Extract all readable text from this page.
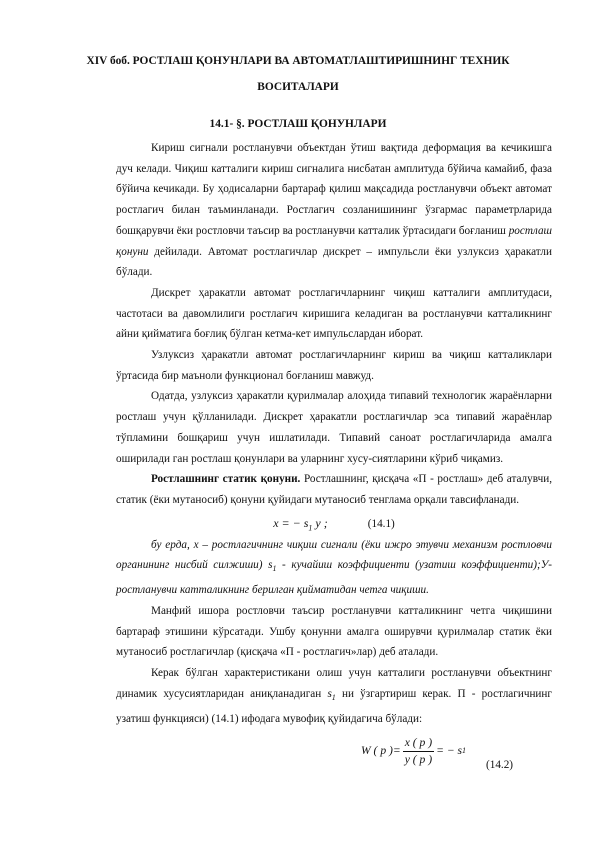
XIV боб. РОСТЛАШ ҚОНУНЛАРИ ВА АВТОМАТЛАШТИРИШНИНГ ТЕХНИК
ВОСИТАЛАРИ
14.1- §. РОСТЛАШ ҚОНУНЛАРИ

Кириш сигнали ростланувчи объектдан ўтиш вақтида деформация ва кечикишга дуч келади. Чиқиш катталиги кириш сигналига нисбатан амплитуда бўйича камайиб, фаза бўйича кечикади. Бу ҳодисаларни бартараф қилиш мақсадида ростланувчи объект автомат ростлагич билан таъминланади. Ростлагич созланишининг ўзгармас параметрларида бошқарувчи ёки ростловчи таъсир ва ростланувчи катталик ўртасидаги боғланиш ростлаш қонуни дейилади. Автомат ростлагичлар дискрет – импульсли ёки узлуксиз ҳаракатли бўлади.

Дискрет ҳаракатли автомат ростлагичларнинг чиқиш катталиги амплитудаси, частотаси ва давомлилиги ростлагич киришига келадиган ва ростланувчи катталикнинг айни қийматига боғлиқ бўлган кетма-кет импульслардан иборат.

Узлуксиз ҳаракатли автомат ростлагичларнинг кириш ва чиқиш катталиклари ўртасида бир маъноли функционал боғланиш мавжуд.

Одатда, узлуксиз ҳаракатли қурилмалар алоҳида типавий технологик жараёнларни ростлаш учун қўлланилади. Дискрет ҳаракатли ростлагичлар эса типавий жараёнлар тўпламини бошқариш учун ишлатилади. Типавий саноат ростлагичларида амалга оширилади ган ростлаш қонунлари ва уларнинг хусу-сиятларини кўриб чиқамиз.

Ростлашнинг статик қонуни. Ростлашнинг, қисқача «П - ростлаш» деб аталувчи, статик (ёки мутаносиб) қонуни қуйидаги мутаносиб тенглама орқали тавсифланади.

x = − $s_1$ y ;	(14.1)

бу ерда, x – ростлагичнинг чиқиш сигнали (ёки ижро этувчи механизм ростловчи органининг нисбий силжиши) $s_1$ - кучайиш коэффициенти (узатиш коэффициенти);У- ростланувчи катталикнинг берилган қийматидан четга чиқиши.

Манфий ишора ростловчи таъсир ростланувчи катталикнинг четга чиқишини бартараф этишини кўрсатади. Ушбу қонунни амалга оширувчи қурилмалар статик ёки мутаносиб ростлагичлар (қисқача «П - ростлагич»лар) деб аталади.

Керак бўлган характеристикани олиш учун катталиги ростланувчи объектнинг динамик хусусиятларидан аниқланадиган $s_1$ ни ўзгартириш керак. П - ростлагичнинг узатиш функцияси) (14.1) ифодага мувофиқ қуйидагича бўлади:

W ( p )= $\frac{x ( p )}{y ( p )}$ = − s 1
(14.2)
